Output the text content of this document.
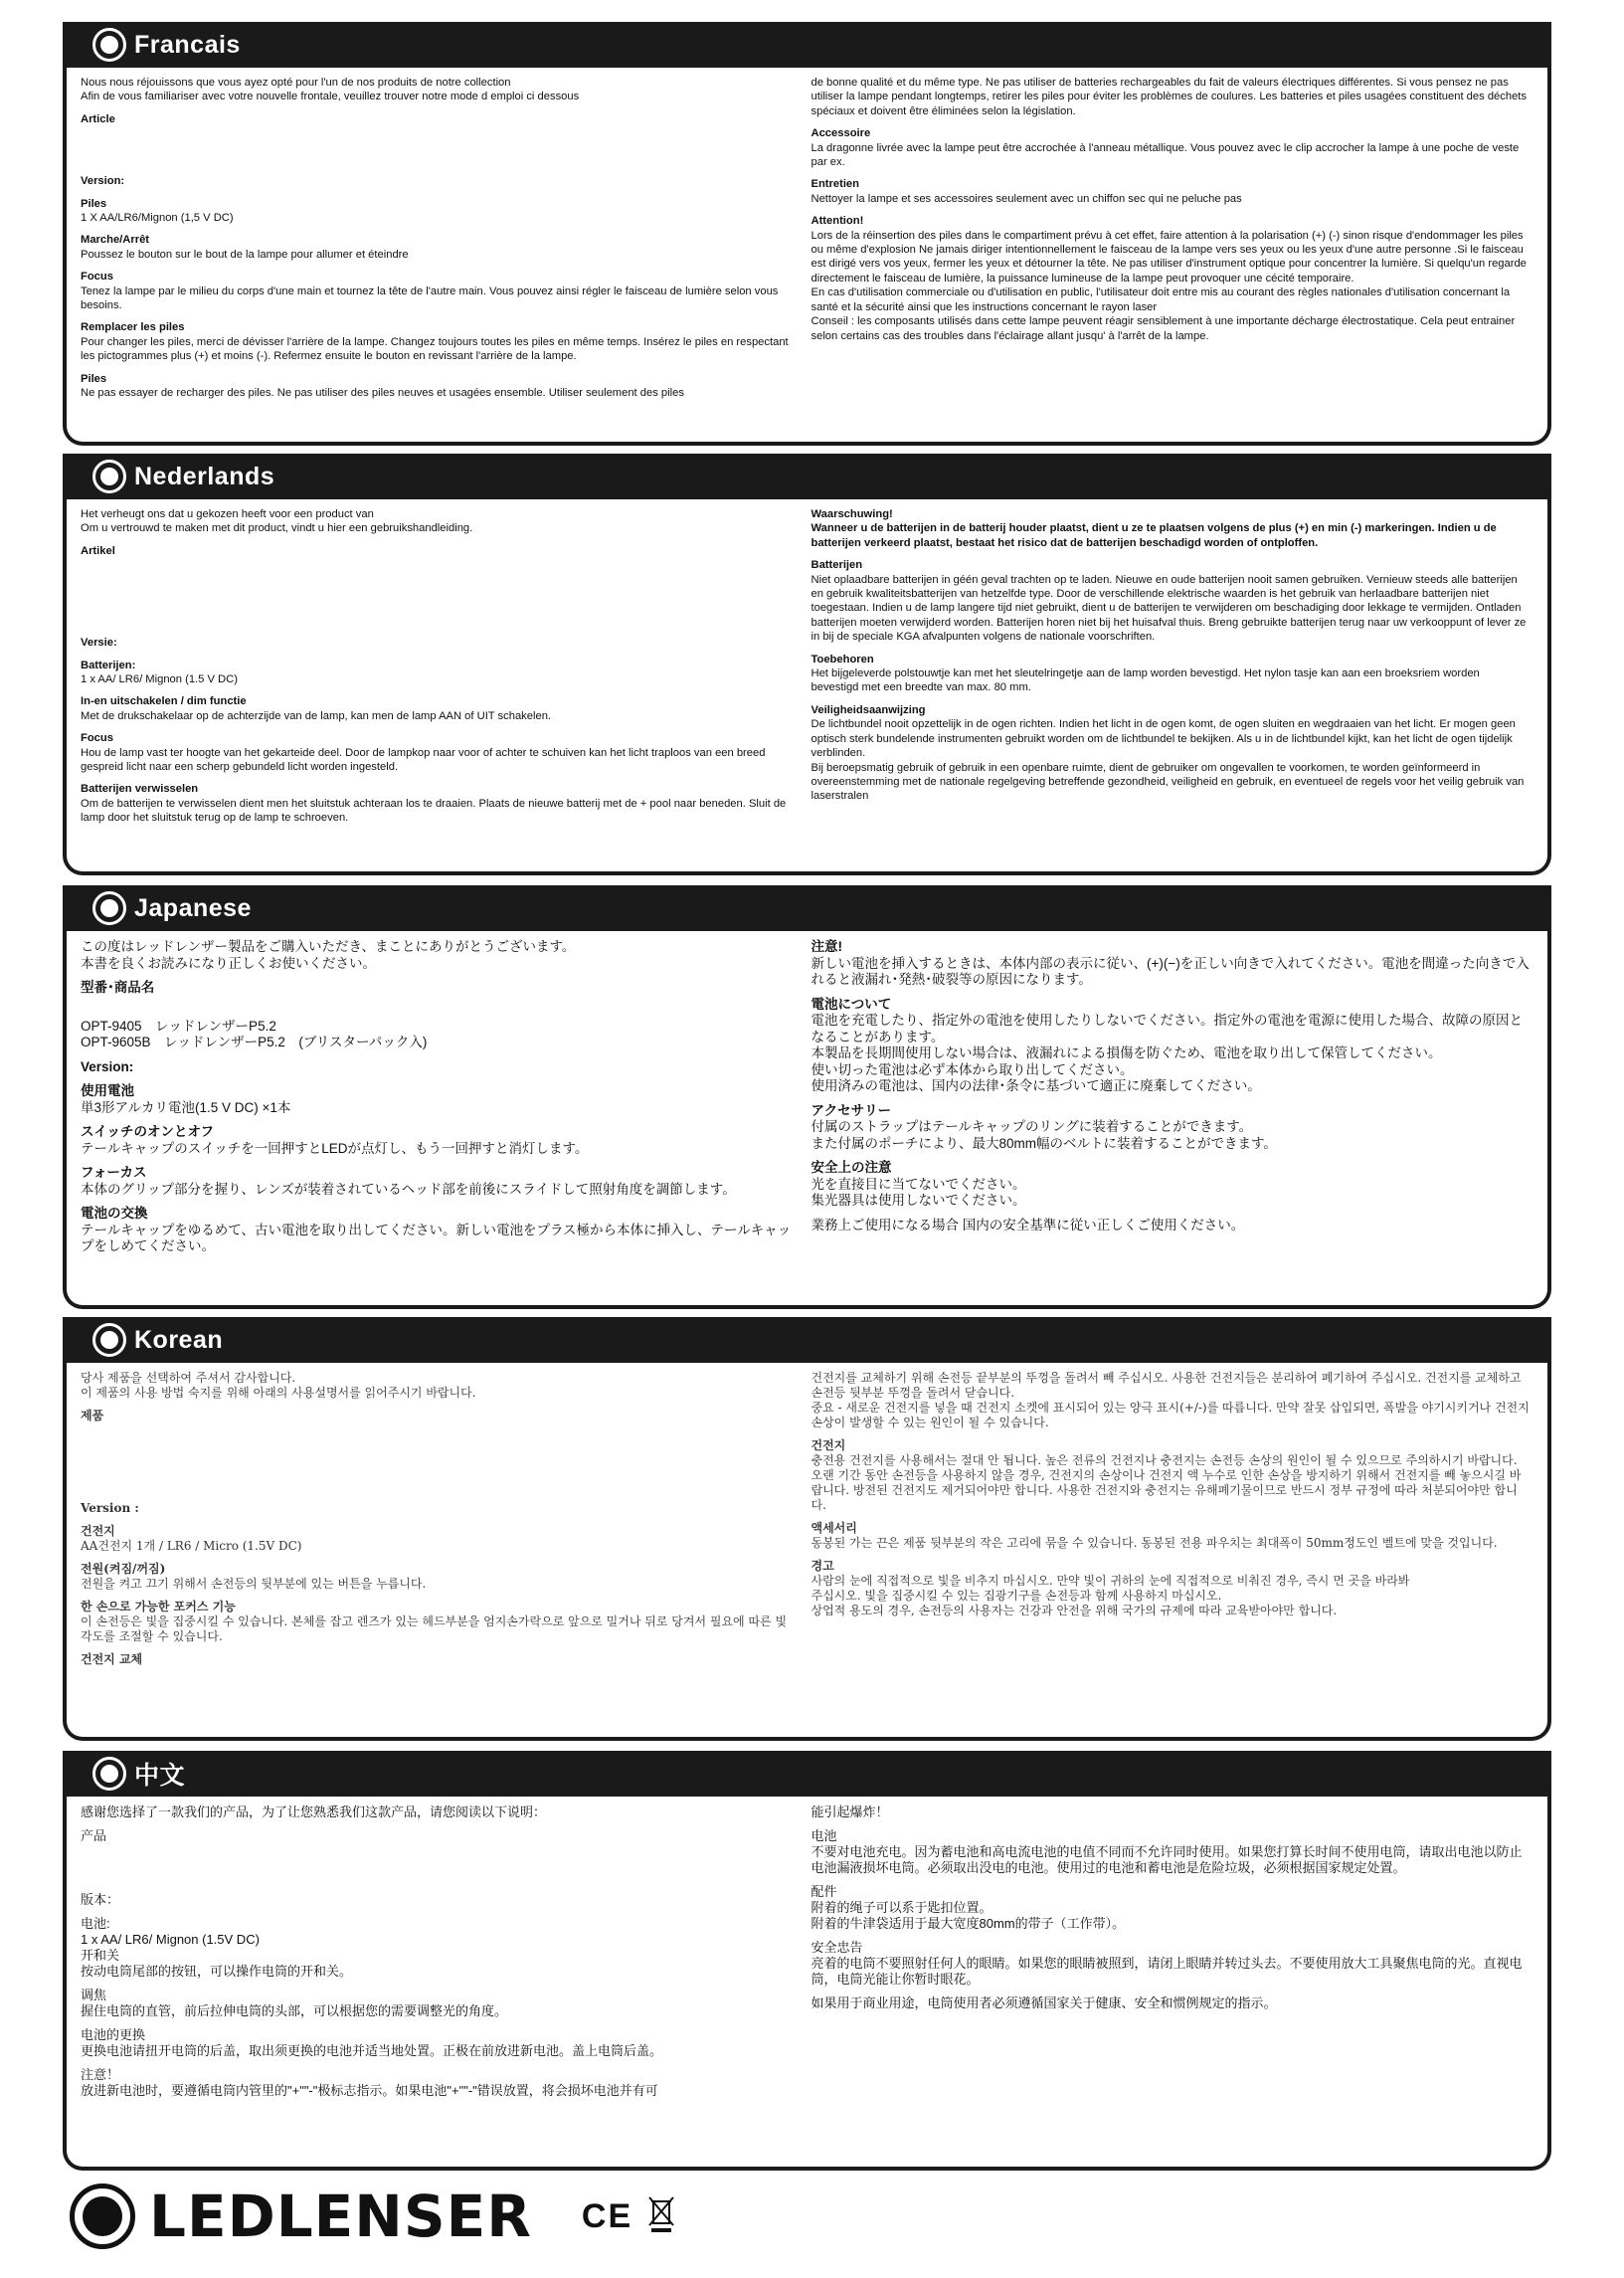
Francais
Nous nous réjouissons que vous ayez opté pour l'un de nos produits de notre collection
Afin de vous familiariser avec votre nouvelle frontale, veuillez trouver notre mode d emploi ci dessous
Article
Version:
Piles
1 X AA/LR6/Mignon (1,5 V DC)
Marche/Arrêt
Poussez le bouton sur le bout de la lampe pour allumer et éteindre
Focus
Tenez la lampe par le milieu du corps d'une main et tournez la tête de l'autre main. Vous pouvez ainsi régler le faisceau de lumière selon vous besoins.
Remplacer les piles
Pour changer les piles, merci de dévisser l'arrière de la lampe. Changez toujours toutes les piles en même temps. Insérez le piles en respectant les pictogrammes plus (+) et moins (-). Refermez ensuite le bouton en revissant l'arrière de la lampe.
Piles
Ne pas essayer de recharger des piles. Ne pas utiliser des piles neuves et usagées ensemble. Utiliser seulement des piles
de bonne qualité et du même type. Ne pas utiliser de batteries rechargeables du fait de valeurs électriques différentes. Si vous pensez ne pas utiliser la lampe pendant longtemps, retirer les piles pour éviter les problèmes de coulures. Les batteries et piles usagées constituent des déchets spéciaux et doivent être éliminées selon la législation.
Accessoire
La dragonne livrée avec la lampe peut être accrochée à l'anneau métallique. Vous pouvez avec le clip accrocher la lampe à une poche de veste par ex.
Entretien
Nettoyer la lampe et ses accessoires seulement avec un chiffon sec qui ne peluche pas
Attention!
Lors de la réinsertion des piles dans le compartiment prévu à cet effet, faire attention à la polarisation (+) (-) sinon risque d'endommager les piles ou même d'explosion Ne jamais diriger intentionnellement le faisceau de la lampe vers ses yeux ou les yeux d'une autre personne .Si le faisceau est dirigé vers vos yeux, fermer les yeux et détourner la tête. Ne pas utiliser d'instrument optique pour concentrer la lumière. Si quelqu'un regarde directement le faisceau de lumière, la puissance lumineuse de la lampe peut provoquer une cécité temporaire.
En cas d'utilisation commerciale ou d'utilisation en public, l'utilisateur doit entre mis au courant des règles nationales d'utilisation concernant la santé et la sécurité ainsi que les instructions concernant le rayon laser
Conseil : les composants utilisés dans cette lampe peuvent réagir sensiblement à une importante décharge électrostatique. Cela peut entrainer selon certains cas des troubles dans l'éclairage allant jusqu' à l'arrêt de la lampe.
Nederlands
Het verheugt ons dat u gekozen heeft voor een product van
Om u vertrouwd te maken met dit product, vindt u hier een gebruikshandleiding.
Artikel
Versie:
Batterijen:
1 x AA/ LR6/ Mignon (1.5 V DC)
In-en uitschakelen / dim functie
Met de drukschakelaar op de achterzijde van de lamp, kan men de lamp AAN of UIT schakelen.
Focus
Hou de lamp vast ter hoogte van het gekarteide deel. Door de lampkop naar voor of achter te schuiven kan het licht traploos van een breed gespreid licht naar een scherp gebundeld licht worden ingesteld.
Batterijen verwisselen
Om de batterijen te verwisselen dient men het sluitstuk achteraan los te draaien. Plaats de nieuwe batterij met de + pool naar beneden. Sluit de lamp door het sluitstuk terug op de lamp te schroeven.
Waarschuwing!
Wanneer u de batterijen in de batterij houder plaatst, dient u ze te plaatsen volgens de plus (+) en min (-) markeringen. Indien u de batterijen verkeerd plaatst, bestaat het risico dat de batterijen beschadigd worden of ontploffen.
Batterijen
Niet oplaadbare batterijen in géén geval trachten op te laden. Nieuwe en oude batterijen nooit samen gebruiken. Vernieuw steeds alle batterijen en gebruik kwaliteitsbatterijen van hetzelfde type. Door de verschillende elektrische waarden is het gebruik van herlaadbare batterijen niet toegestaan. Indien u de lamp langere tijd niet gebruikt, dient u de batterijen te verwijderen om beschadiging door lekkage te vermijden. Ontladen batterijen moeten verwijderd worden. Batterijen horen niet bij het huisafval thuis. Breng gebruikte batterijen terug naar uw verkooppunt of lever ze in bij de speciale KGA afvalpunten volgens de nationale voorschriften.
Toebehoren
Het bijgeleverde polstouwtje kan met het sleutelringetje aan de lamp worden bevestigd. Het nylon tasje kan aan een broeksriem worden bevestigd met een breedte van max. 80 mm.
Veiligheidsaanwijzing
De lichtbundel nooit opzettelijk in de ogen richten. Indien het licht in de ogen komt, de ogen sluiten en wegdraaien van het licht. Er mogen geen optisch sterk bundelende instrumenten gebruikt worden om de lichtbundel te bekijken. Als u in de lichtbundel kijkt, kan het licht de ogen tijdelijk verblinden.
Bij beroepsmatig gebruik of gebruik in een openbare ruimte, dient de gebruiker om ongevallen te voorkomen, te worden geïnformeerd in overeenstemming met de nationale regelgeving betreffende gezondheid, veiligheid en gebruik, en eventueel de regels voor het veilig gebruik van laserstralen
Japanese
この度はレッドレンザー製品をご購入いただき、まことにありがとうございます。
本書を良くお読みになり正しくお使いください。
型番･商品名
OPT-9405　レッドレンザーP5.2
OPT-9605B　レッドレンザーP5.2　(ブリスターパック入)
Version:
使用電池
単3形アルカリ電池(1.5 V DC) ×1本
スイッチのオンとオフ
テールキャップのスイッチを一回押すとLEDが点灯し、もう一回押すと消灯します。
フォーカス
本体のグリップ部分を握り、レンズが装着されているヘッド部を前後にスライドして照射角度を調節します。
電池の交換
テールキャップをゆるめて、古い電池を取り出してください。新しい電池をプラス極から本体に挿入し、テールキャップをしめてください。
注意!
新しい電池を挿入するときは、本体内部の表示に従い、(+)(−)を正しい向きで入れてください。電池を間違った向きで入れると液漏れ･発熱･破裂等の原因になります。
電池について
電池を充電したり、指定外の電池を使用したりしないでください。指定外の電池を電源に使用した場合、故障の原因となることがあります。
本製品を長期間使用しない場合は、液漏れによる損傷を防ぐため、電池を取り出して保管してください。
使い切った電池は必ず本体から取り出してください。
使用済みの電池は、国内の法律･条令に基づいて適正に廃棄してください。
アクセサリー
付属のストラップはテールキャップのリングに装着することができます。
また付属のポーチにより、最大80mm幅のベルトに装着することができます。
安全上の注意
光を直接目に当てないでください。
集光器具は使用しないでください。
業務上ご使用になる場合 国内の安全基準に従い正しくご使用ください。
Korean
당사 제품을 선택하여 주셔서 감사합니다.
이 제품의 사용 방법 숙지를 위해 아래의 사용설명서를 읽어주시기 바랍니다.
제품
Version :
건전지
AA건전지 1개 / LR6 / Micro (1.5V DC)
전원(켜짐/꺼짐)
전원을 켜고 끄기 위해서 손전등의 뒷부분에 있는 버튼을 누릅니다.
한 손으로 가능한 포커스 기능
이 손전등은 빛을 집중시킬 수 있습니다. 본체를 잡고 렌즈가 있는 헤드부분을 엄지손가락으로 앞으로 밀거나 뒤로 당겨서 필요에 따른 빛 각도를 조절할 수 있습니다.
건전지 교체
건전지를 교체하기 위해 손전등 끝부분의 뚜껑을 돌려서 빼 주십시오. 사용한 건전지들은 분리하여 폐기하여 주십시오. 건전지를 교체하고 손전등 뒷부분 뚜껑을 돌려서 닫습니다.
중요 - 새로운 건전지를 넣을 때 건전지 소켓에 표시되어 있는 양극 표시(+/-)를 따릅니다. 만약 잘못 삽입되면, 폭발을 야기시키거나 건전지 손상이 발생할 수 있는 원인이 될 수 있습니다.
건전지
충전용 건전지를 사용해서는 절대 안 됩니다. 높은 전류의 건전지나 충전지는 손전등 손상의 원인이 될 수 있으므로 주의하시기 바랍니다. 오랜 기간 동안 손전등을 사용하지 않을 경우, 건전지의 손상이나 건전지 액 누수로 인한 손상을 방지하기 위해서 건전지를 빼 놓으시길 바랍니다. 방전된 건전지도 제거되어야만 합니다. 사용한 건전지와 충전지는 유해폐기물이므로 반드시 정부 규정에 따라 처분되어야만 합니다.
액세서리
동봉된 가는 끈은 제품 뒷부분의 작은 고리에 묶을 수 있습니다. 동봉된 전용 파우치는 최대폭이 50mm정도인 벨트에 맞을 것입니다.
경고
사람의 눈에 직접적으로 빛을 비추지 마십시오. 만약 빛이 귀하의 눈에 직접적으로 비춰진 경우, 즉시 먼 곳을 바라봐
주십시오. 빛을 집중시킬 수 있는 집광기구를 손전등과 함께 사용하지 마십시오.
상업적 용도의 경우, 손전등의 사용자는 건강과 안전을 위해 국가의 규제에 따라 교육받아야만 합니다.
中文
感谢您选择了一款我们的产品，为了让您熟悉我们这款产品，请您阅读以下说明：
产品
版本：
电池:
1 x AA/ LR6/ Mignon (1.5V DC)
开和关
按动电筒尾部的按钮，可以操作电筒的开和关。
调焦
握住电筒的直管，前后拉伸电筒的头部，可以根据您的需要调整光的角度。
电池的更换
更换电池请扭开电筒的后盖，取出须更换的电池并适当地处置。正极在前放进新电池。盖上电筒后盖。
注意！
放进新电池时，要遵循电筒内管里的"+""-"极标志指示。如果电池"+""-"错误放置，将会损坏电池并有可
能引起爆炸！
电池
不要对电池充电。因为蓄电池和高电流电池的电值不同而不允许同时使用。如果您打算长时间不使用电筒，请取出电池以防止电池漏液损坏电筒。必须取出没电的电池。使用过的电池和蓄电池是危险垃圾，必须根据国家规定处置。
配件
附着的绳子可以系于匙扣位置。
附着的牛津袋适用于最大宽度80mm的带子（工作带）。
安全忠告
亮着的电筒不要照射任何人的眼睛。如果您的眼睛被照到，请闭上眼睛并转过头去。不要使用放大工具聚焦电筒的光。直视电筒，电筒光能让你暂时眼花。
如果用于商业用途，电筒使用者必须遵循国家关于健康、安全和惯例规定的指示。
LEDLENSER CE
